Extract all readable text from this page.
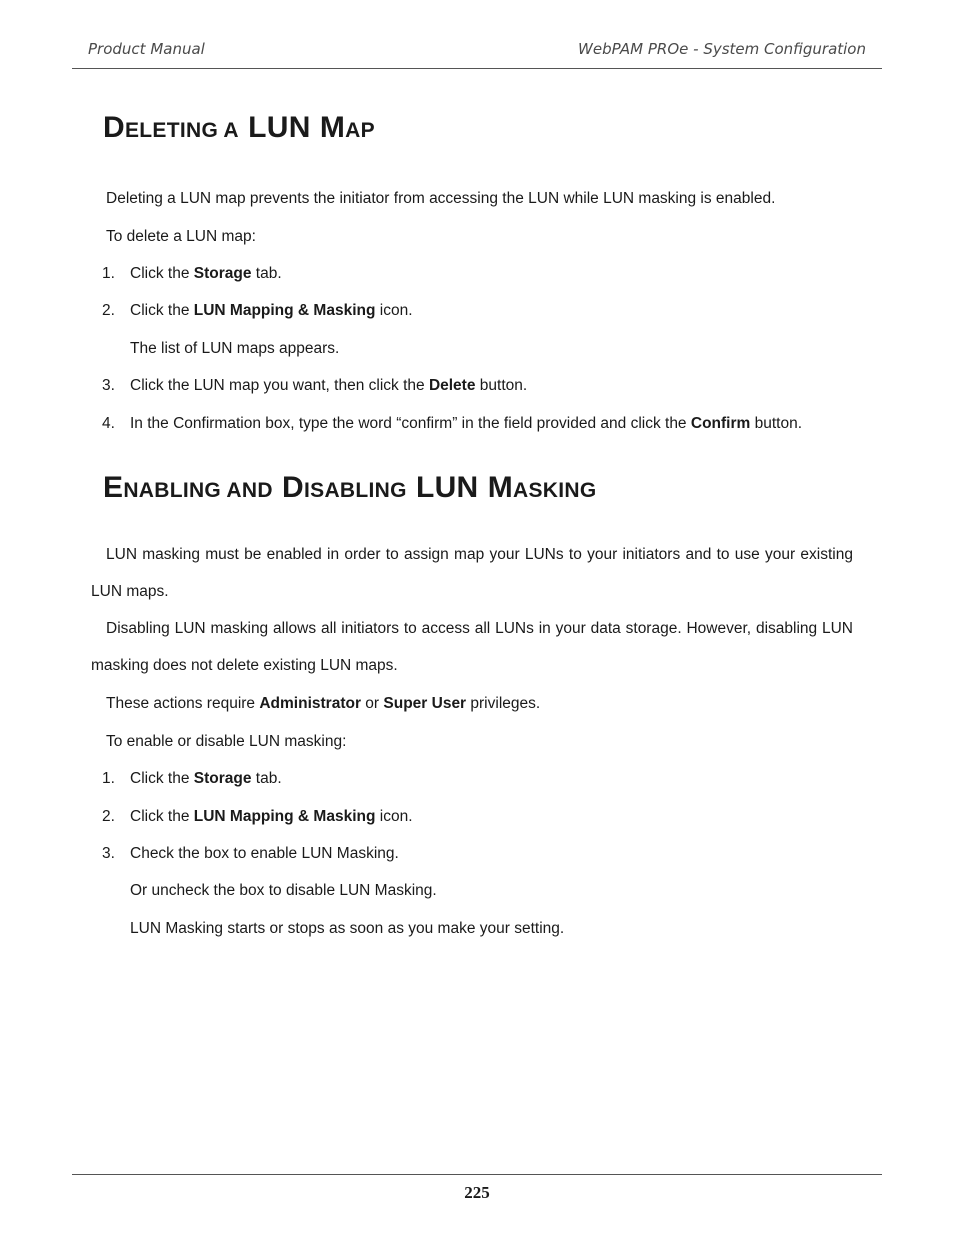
Product Manual	WebPAM PROe - System Configuration
DELETING A LUN MAP

Deleting a LUN map prevents the initiator from accessing the LUN while LUN masking is enabled.

To delete a LUN map:

1. Click the Storage tab.

2. Click the LUN Mapping & Masking icon.

The list of LUN maps appears.

3. Click the LUN map you want, then click the Delete button.

4. In the Confirmation box, type the word “confirm” in the field provided and click the Confirm button.

ENABLING AND DISABLING LUN MASKING

LUN masking must be enabled in order to assign map your LUNs to your initiators and to use your existing LUN maps.

Disabling LUN masking allows all initiators to access all LUNs in your data storage. However, disabling LUN masking does not delete existing LUN maps.

These actions require Administrator or Super User privileges.

To enable or disable LUN masking:

1. Click the Storage tab.

2. Click the LUN Mapping & Masking icon.

3. Check the box to enable LUN Masking.

Or uncheck the box to disable LUN Masking.

LUN Masking starts or stops as soon as you make your setting.

225
